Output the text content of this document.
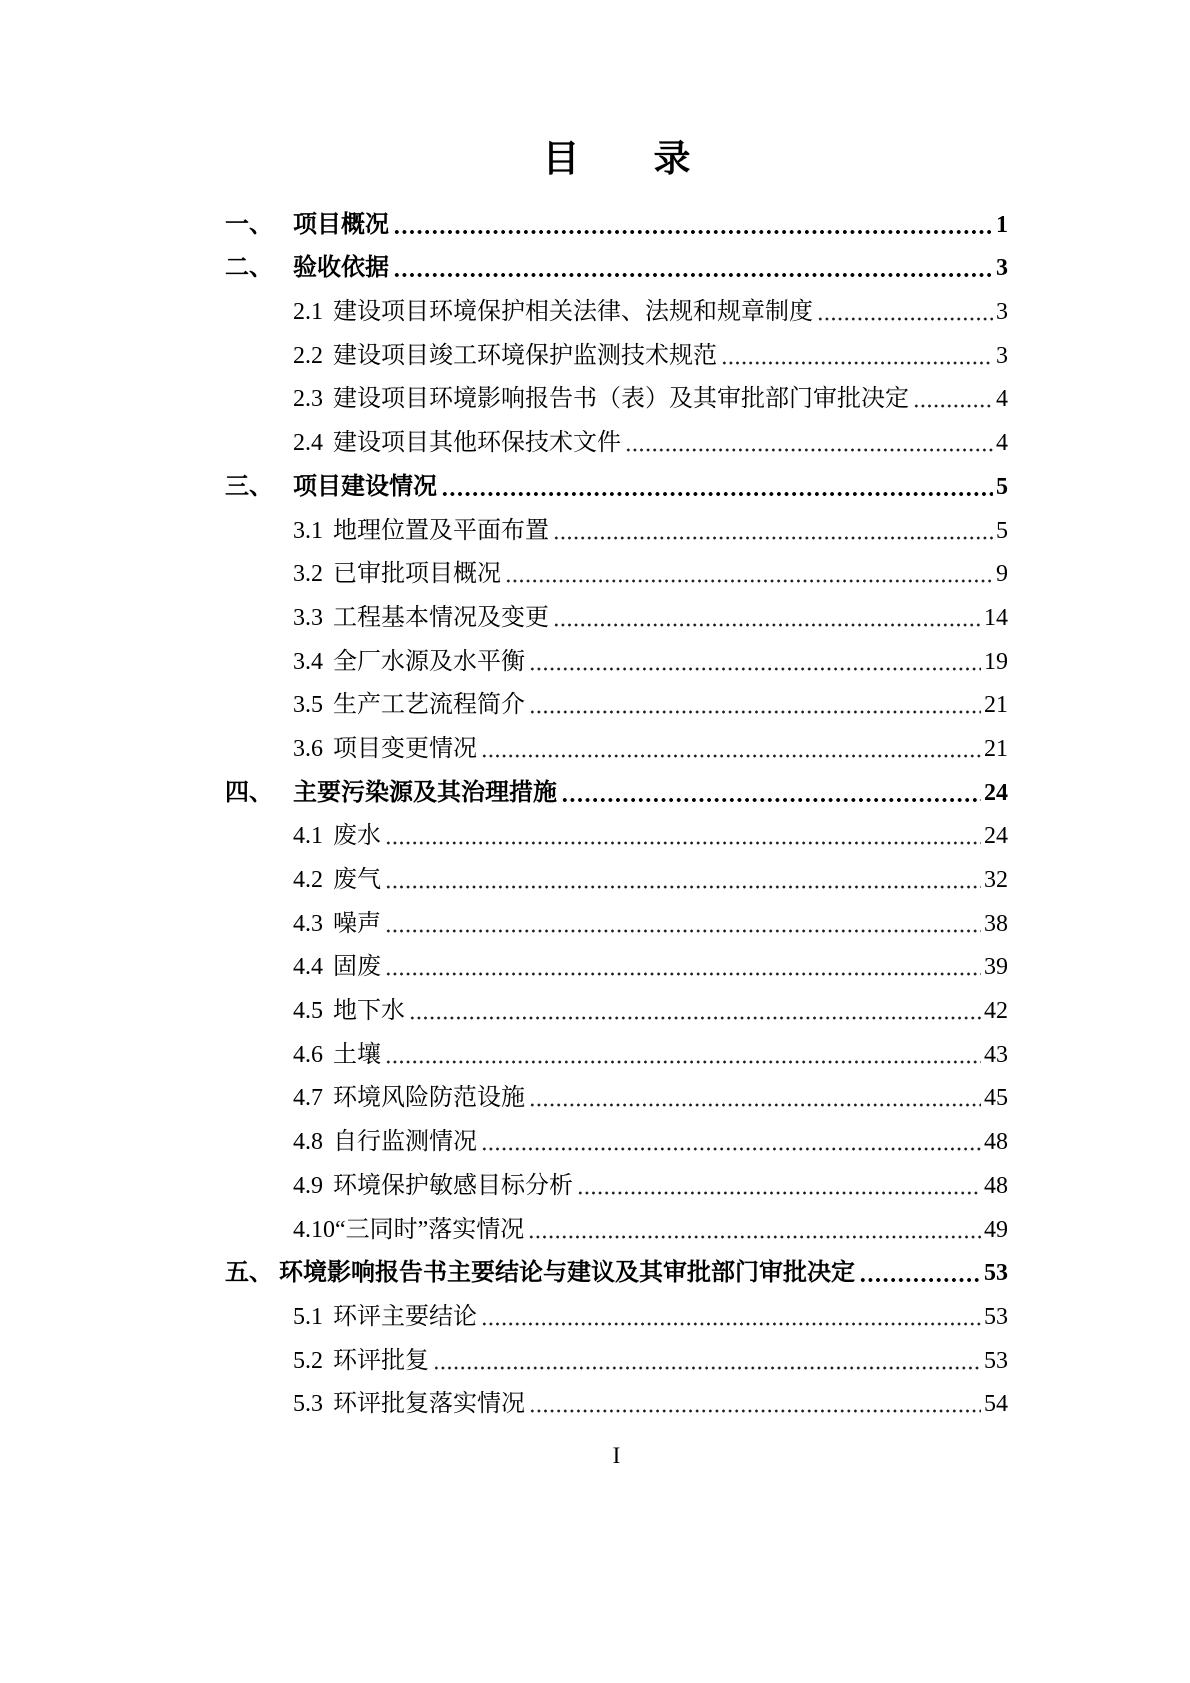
目　　录
一、 项目概况	1
二、 验收依据	3
2.1 建设项目环境保护相关法律、法规和规章制度	3
2.2 建设项目竣工环境保护监测技术规范	3
2.3 建设项目环境影响报告书（表）及其审批部门审批决定	4
2.4 建设项目其他环保技术文件	4
三、 项目建设情况	5
3.1 地理位置及平面布置	5
3.2 已审批项目概况	9
3.3 工程基本情况及变更	14
3.4 全厂水源及水平衡	19
3.5 生产工艺流程简介	21
3.6 项目变更情况	21
四、 主要污染源及其治理措施	24
4.1 废水	24
4.2 废气	32
4.3 噪声	38
4.4 固废	39
4.5 地下水	42
4.6 土壤	43
4.7 环境风险防范设施	45
4.8 自行监测情况	48
4.9 环境保护敏感目标分析	48
4.10 “三同时”落实情况	49
五、 环境影响报告书主要结论与建议及其审批部门审批决定	53
5.1 环评主要结论	53
5.2 环评批复	53
5.3 环评批复落实情况	54
I
